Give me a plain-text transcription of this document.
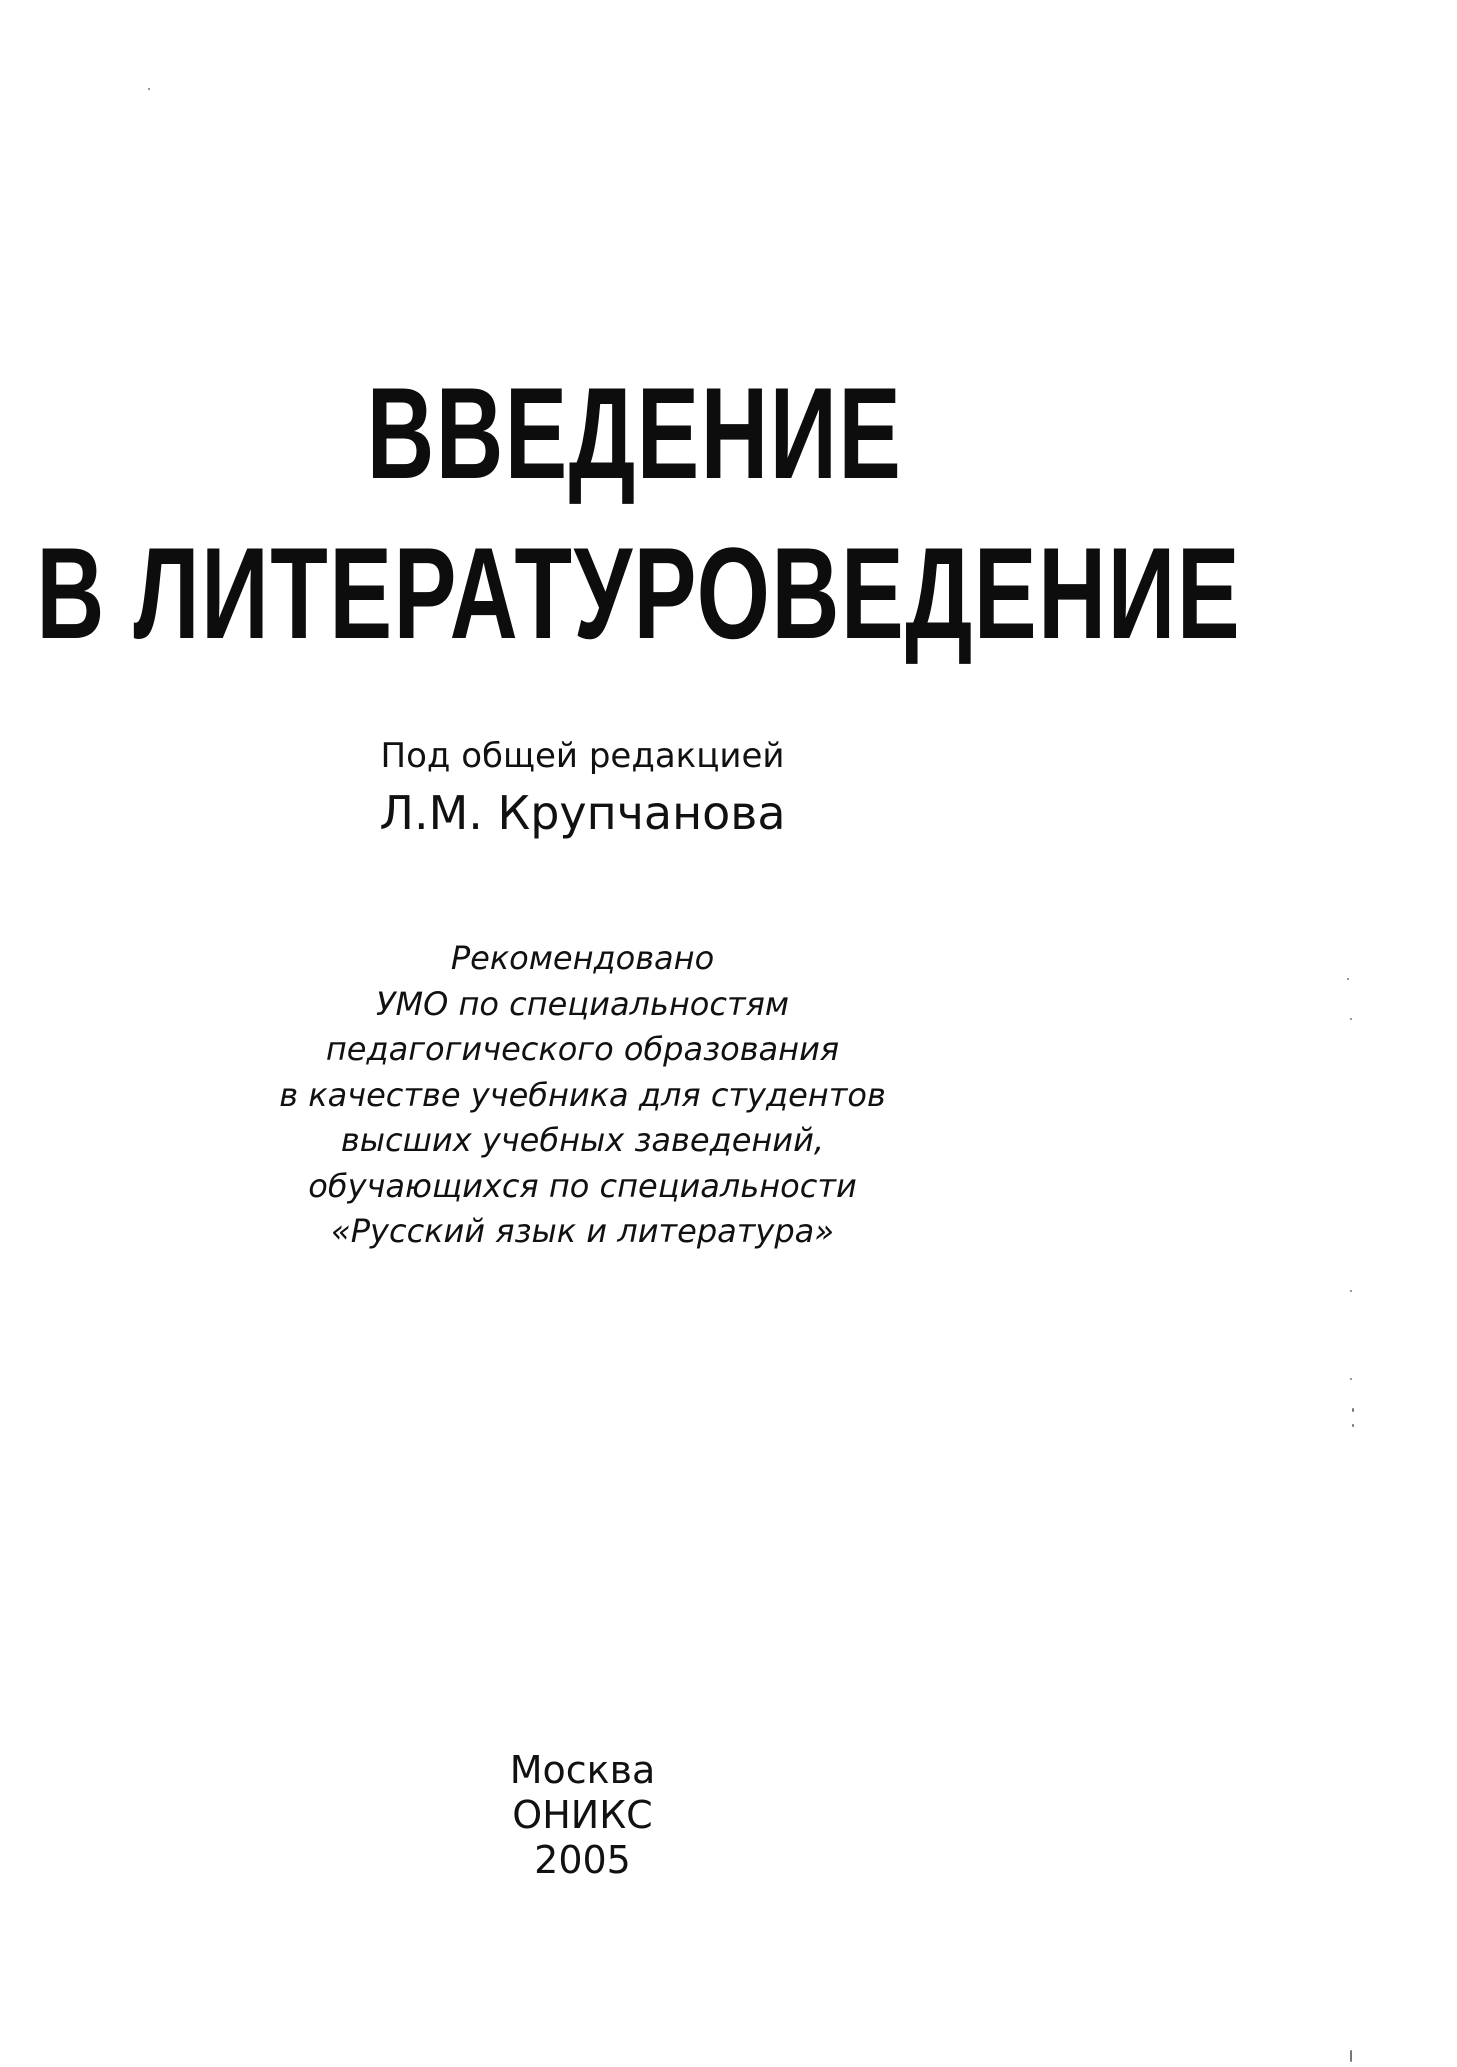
ВВЕДЕНИЕ
В ЛИТЕРАТУРОВЕДЕНИЕ
Под общей редакцией
Л.М. Крупчанова
Рекомендовано
УМО по специальностям
педагогического образования
в качестве учебника для студентов
высших учебных заведений,
обучающихся по специальности
«Русский язык и литература»
Москва
ОНИКС
2005
